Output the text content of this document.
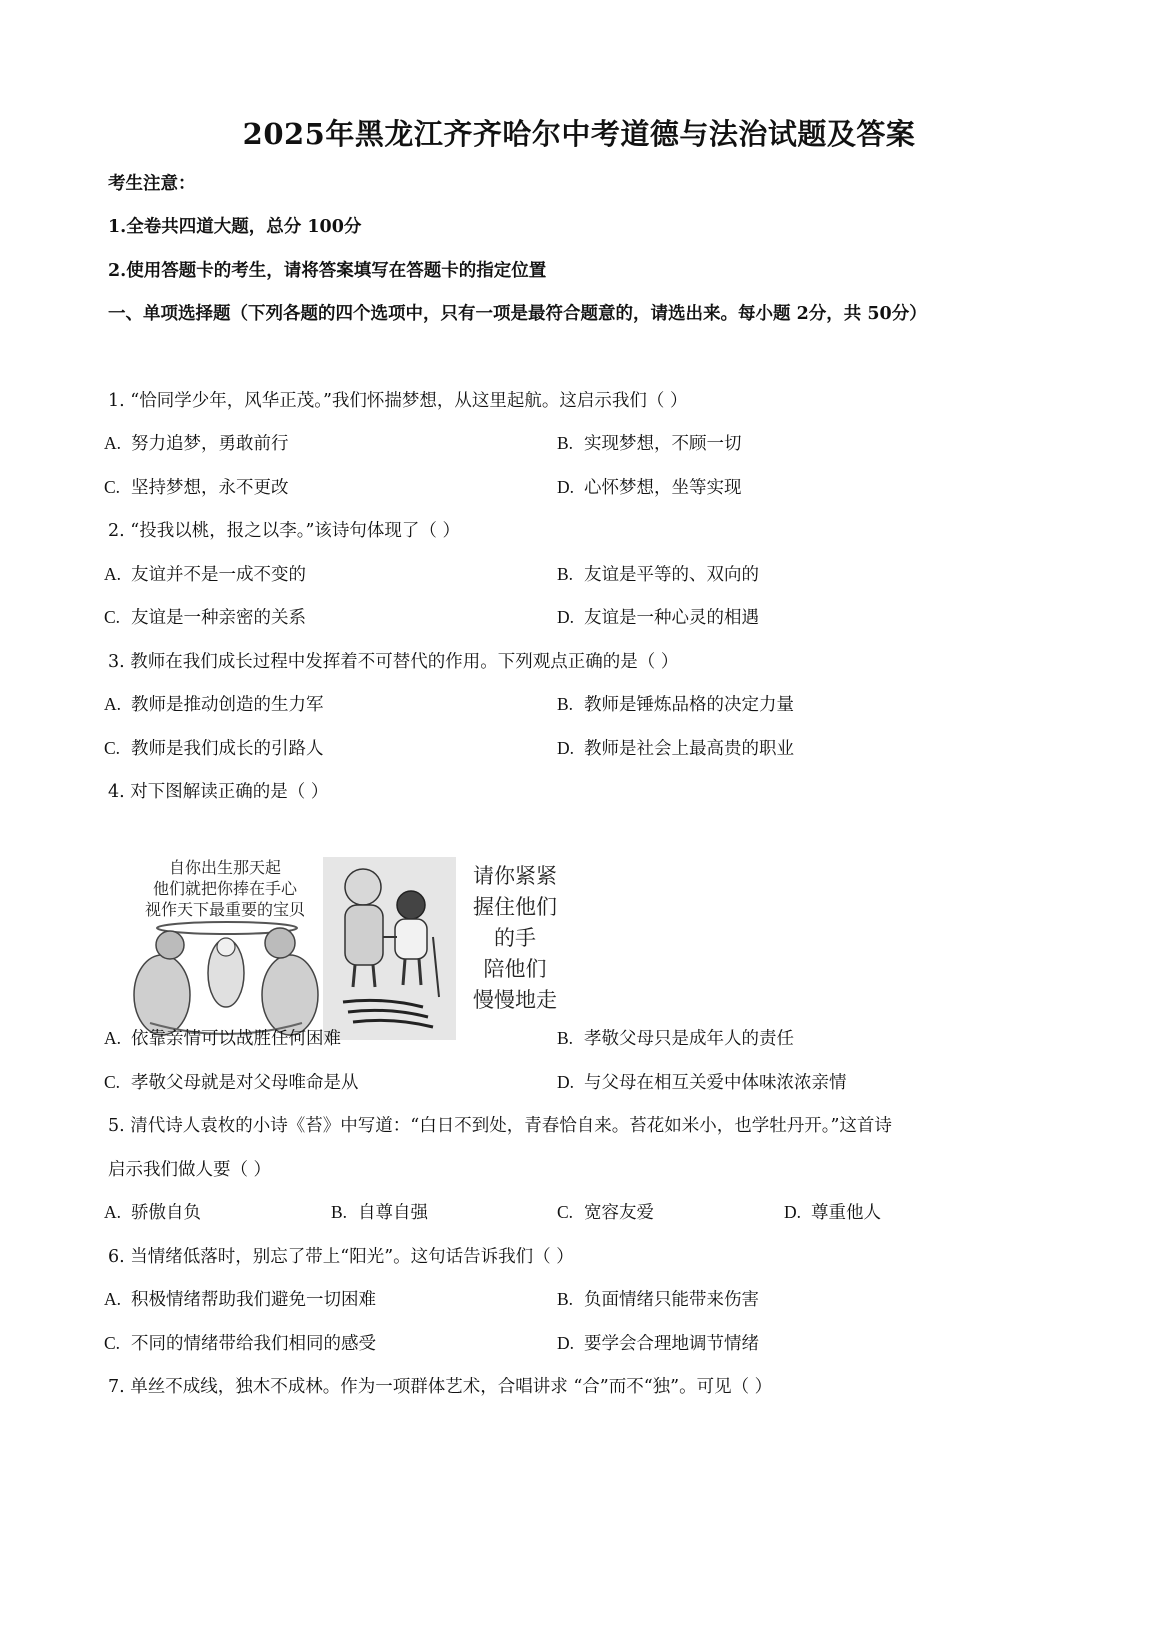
2025年黑龙江齐齐哈尔中考道德与法治试题及答案
考生注意：
1.全卷共四道大题，总分 100分
2.使用答题卡的考生，请将答案填写在答题卡的指定位置
一、单项选择题（下列各题的四个选项中，只有一项是最符合题意的，请选出来。每小题 2分，共 50分）
1. “恰同学少年，风华正茂。”我们怀揣梦想，从这里起航。这启示我们（ ）
A. 努力追梦，勇敢前行	B. 实现梦想，不顾一切
C. 坚持梦想，永不更改	D. 心怀梦想，坐等实现
2. “投我以桃，报之以李。”该诗句体现了（ ）
A. 友谊并不是一成不变的	B. 友谊是平等的、双向的
C. 友谊是一种亲密的关系	D. 友谊是一种心灵的相遇
3. 教师在我们成长过程中发挥着不可替代的作用。下列观点正确的是（ ）
A. 教师是推动创造的生力军	B. 教师是锤炼品格的决定力量
C. 教师是我们成长的引路人	D. 教师是社会上最高贵的职业
4. 对下图解读正确的是（ ）
自你出生那天起
他们就把你捧在手心
视作天下最重要的宝贝
请你紧紧
握住他们
的手
陪他们
慢慢地走
A. 依靠亲情可以战胜任何困难	B. 孝敬父母只是成年人的责任
C. 孝敬父母就是对父母唯命是从	D. 与父母在相互关爱中体味浓浓亲情
5. 清代诗人袁枚的小诗《苔》中写道：“白日不到处，青春恰自来。苔花如米小，也学牡丹开。”这首诗
启示我们做人要（ ）
A. 骄傲自负	B. 自尊自强	C. 宽容友爱	D. 尊重他人
6. 当情绪低落时，别忘了带上“阳光”。这句话告诉我们（ ）
A. 积极情绪帮助我们避免一切困难	B. 负面情绪只能带来伤害
C. 不同的情绪带给我们相同的感受	D. 要学会合理地调节情绪
7. 单丝不成线，独木不成林。作为一项群体艺术，合唱讲求 “合”而不“独”。可见（ ）
